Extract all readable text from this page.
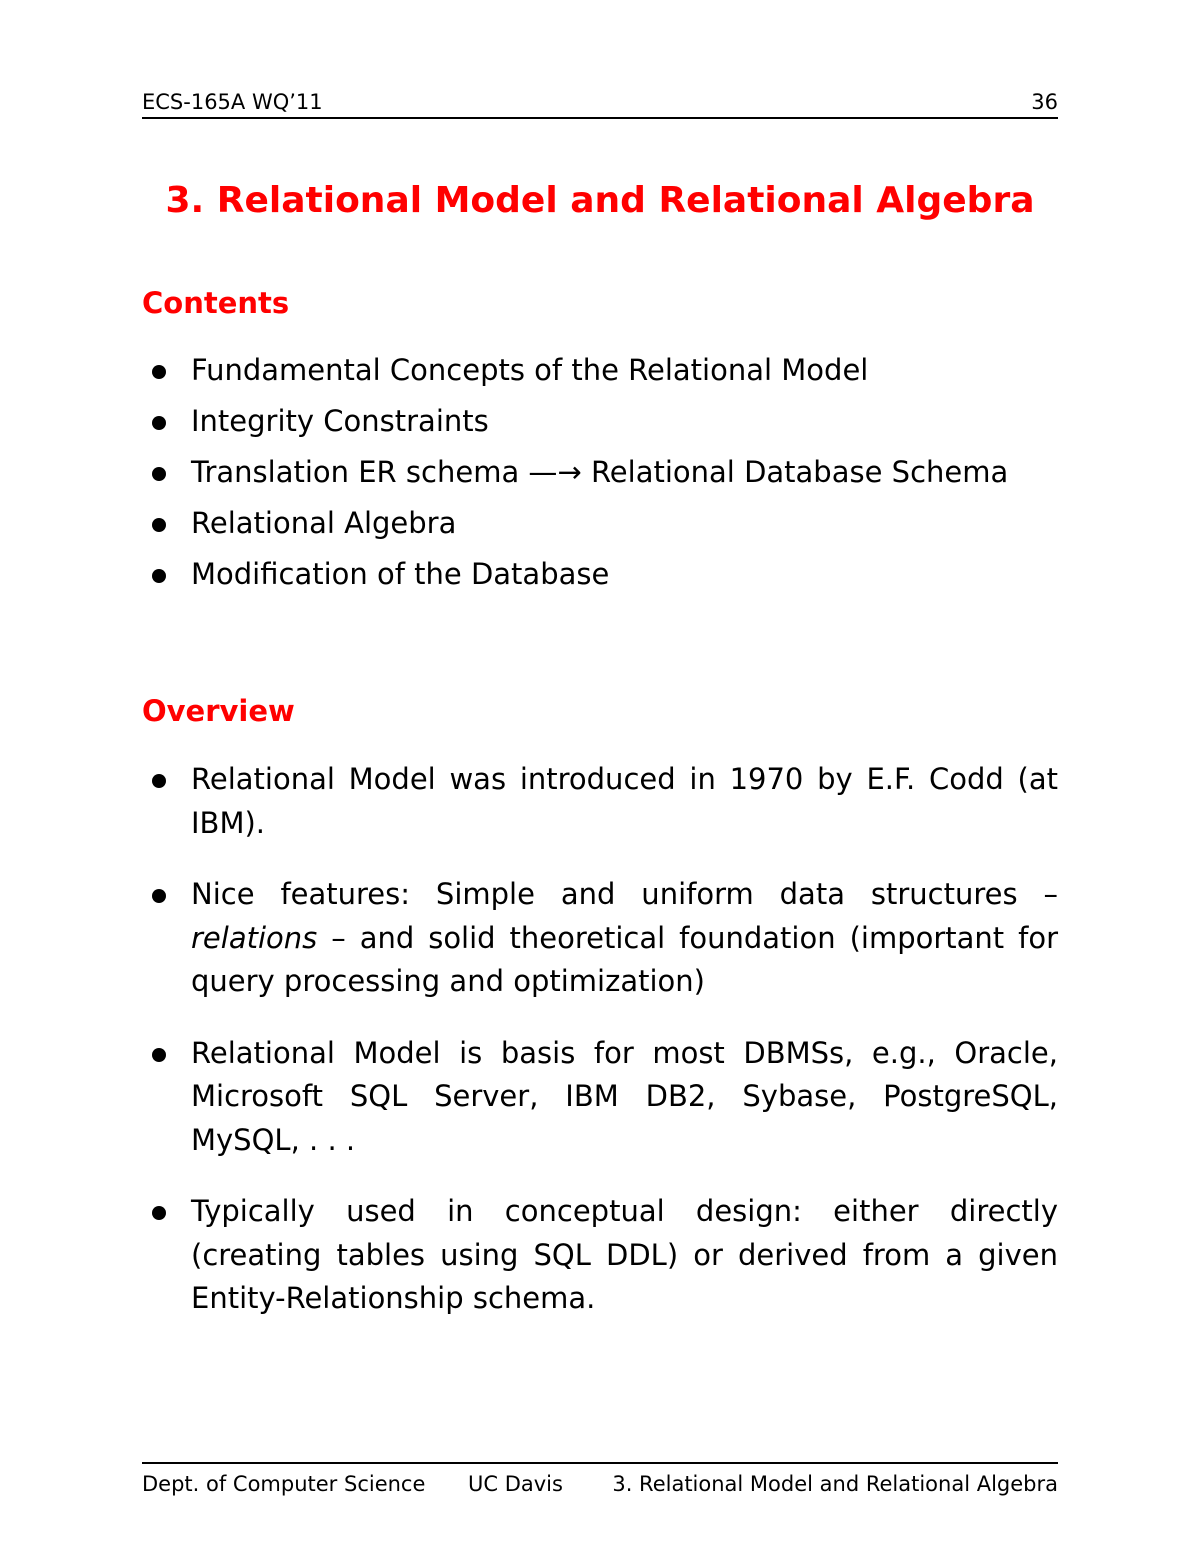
ECS-165A WQ’11	36
3. Relational Model and Relational Algebra
Contents
Fundamental Concepts of the Relational Model
Integrity Constraints
Translation ER schema —→ Relational Database Schema
Relational Algebra
Modification of the Database
Overview
Relational Model was introduced in 1970 by E.F. Codd (at IBM).
Nice features: Simple and uniform data structures – relations – and solid theoretical foundation (important for query processing and optimization)
Relational Model is basis for most DBMSs, e.g., Oracle, Microsoft SQL Server, IBM DB2, Sybase, PostgreSQL, MySQL, . . .
Typically used in conceptual design: either directly (creating tables using SQL DDL) or derived from a given Entity-Relationship schema.
Dept. of Computer Science UC Davis 3. Relational Model and Relational Algebra
